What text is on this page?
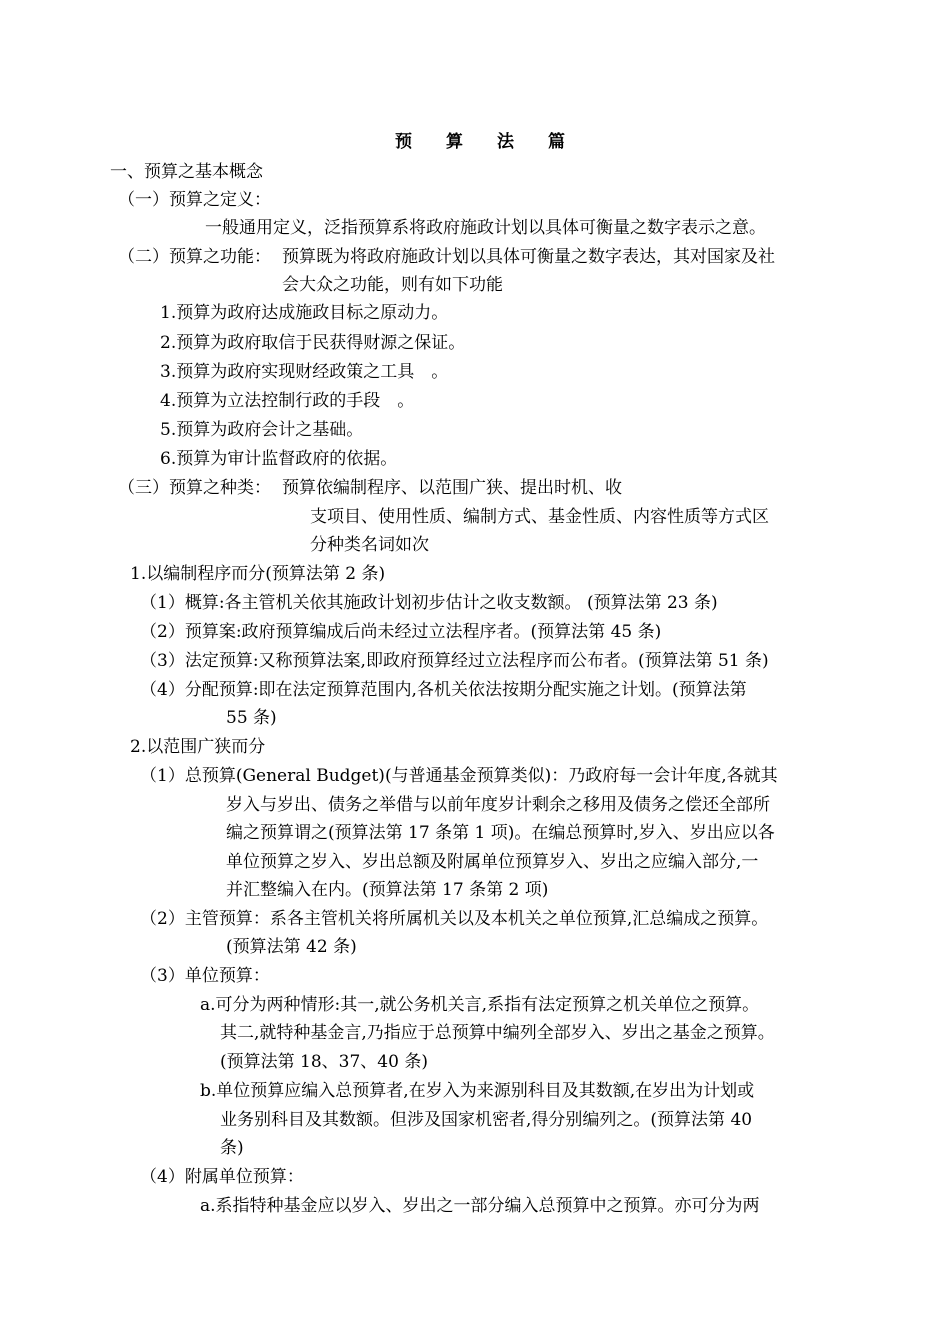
预 算 法 篇
一、预算之基本概念
（一）预算之定义：
一般通用定义，泛指预算系将政府施政计划以具体可衡量之数字表示之意。
（二）预算之功能： 预算既为将政府施政计划以具体可衡量之数字表达，其对国家及社
会大众之功能，则有如下功能
1.预算为政府达成施政目标之原动力。
2.预算为政府取信于民获得财源之保证。
3.预算为政府实现财经政策之工具　。
4.预算为立法控制行政的手段　。
5.预算为政府会计之基础。
6.预算为审计监督政府的依据。
（三）预算之种类： 预算依编制程序、以范围广狭、提出时机、收
支项目、使用性质、编制方式、基金性质、内容性质等方式区
分种类名词如次
1.以编制程序而分(预算法第 2 条)
（1）概算:各主管机关依其施政计划初步估计之收支数额。 (预算法第 23 条)
（2）预算案:政府预算编成后尚未经过立法程序者。(预算法第 45 条)
（3）法定预算:又称预算法案,即政府预算经过立法程序而公布者。(预算法第 51 条)
（4）分配预算:即在法定预算范围内,各机关依法按期分配实施之计划。(预算法第
55 条)
2.以范围广狭而分
（1）总预算(General Budget)(与普通基金预算类似)：乃政府每一会计年度,各就其
岁入与岁出、债务之举借与以前年度岁计剩余之移用及债务之偿还全部所
编之预算谓之(预算法第 17 条第 1 项)。在编总预算时,岁入、岁出应以各
单位预算之岁入、岁出总额及附属单位预算岁入、岁出之应编入部分,一
并汇整编入在内。(预算法第 17 条第 2 项)
（2）主管预算：系各主管机关将所属机关以及本机关之单位预算,汇总编成之预算。
(预算法第 42 条)
（3）单位预算：
a.可分为两种情形:其一,就公务机关言,系指有法定预算之机关单位之预算。
其二,就特种基金言,乃指应于总预算中编列全部岁入、岁出之基金之预算。
(预算法第 18、37、40 条)
b.单位预算应编入总预算者,在岁入为来源别科目及其数额,在岁出为计划或
业务别科目及其数额。但涉及国家机密者,得分别编列之。(预算法第 40
条)
（4）附属单位预算：
a.系指特种基金应以岁入、岁出之一部分编入总预算中之预算。亦可分为两
